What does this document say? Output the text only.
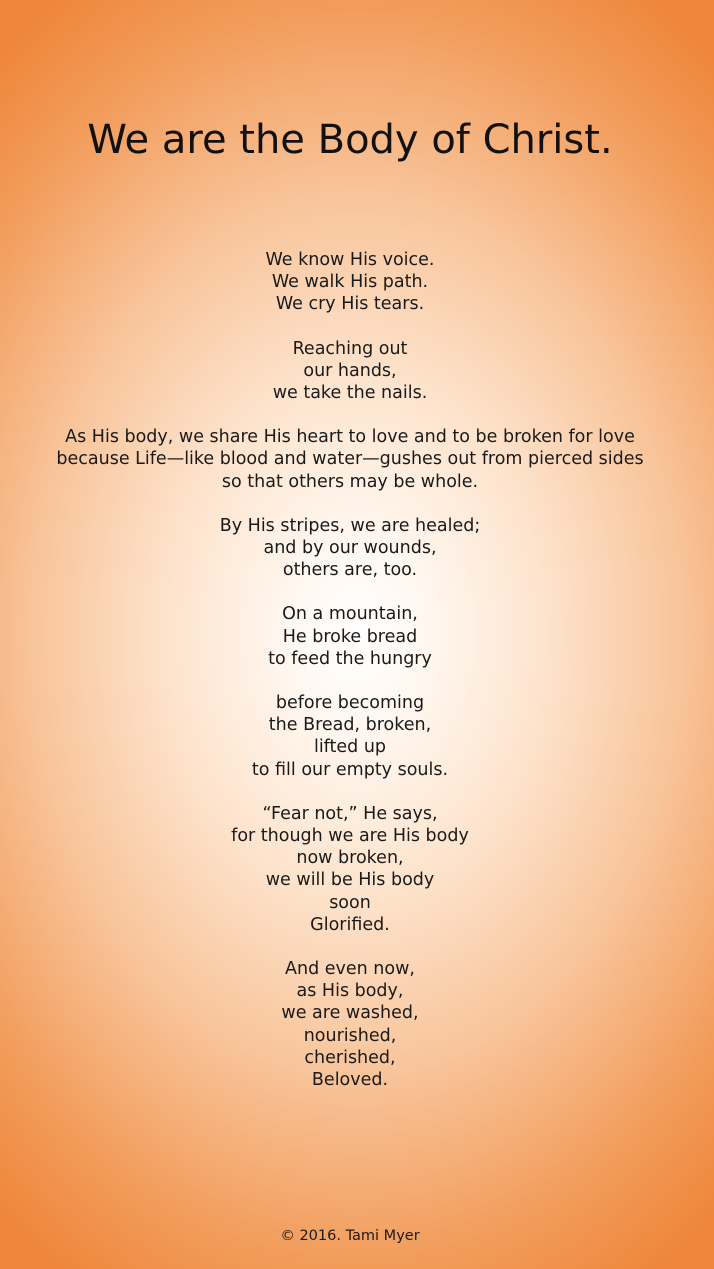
We are the Body of Christ.
We know His voice.
We walk His path.
We cry His tears.
Reaching out
our hands,
we take the nails.
As His body, we share His heart to love and to be broken for love
because Life—like blood and water—gushes out from pierced sides
so that others may be whole.
By His stripes, we are healed;
and by our wounds,
others are, too.
On a mountain,
He broke bread
to feed the hungry
before becoming
the Bread, broken,
lifted up
to fill our empty souls.
“Fear not,” He says,
for though we are His body
now broken,
we will be His body
soon
Glorified.
And even now,
as His body,
we are washed,
nourished,
cherished,
Beloved.
© 2016. Tami Myer
